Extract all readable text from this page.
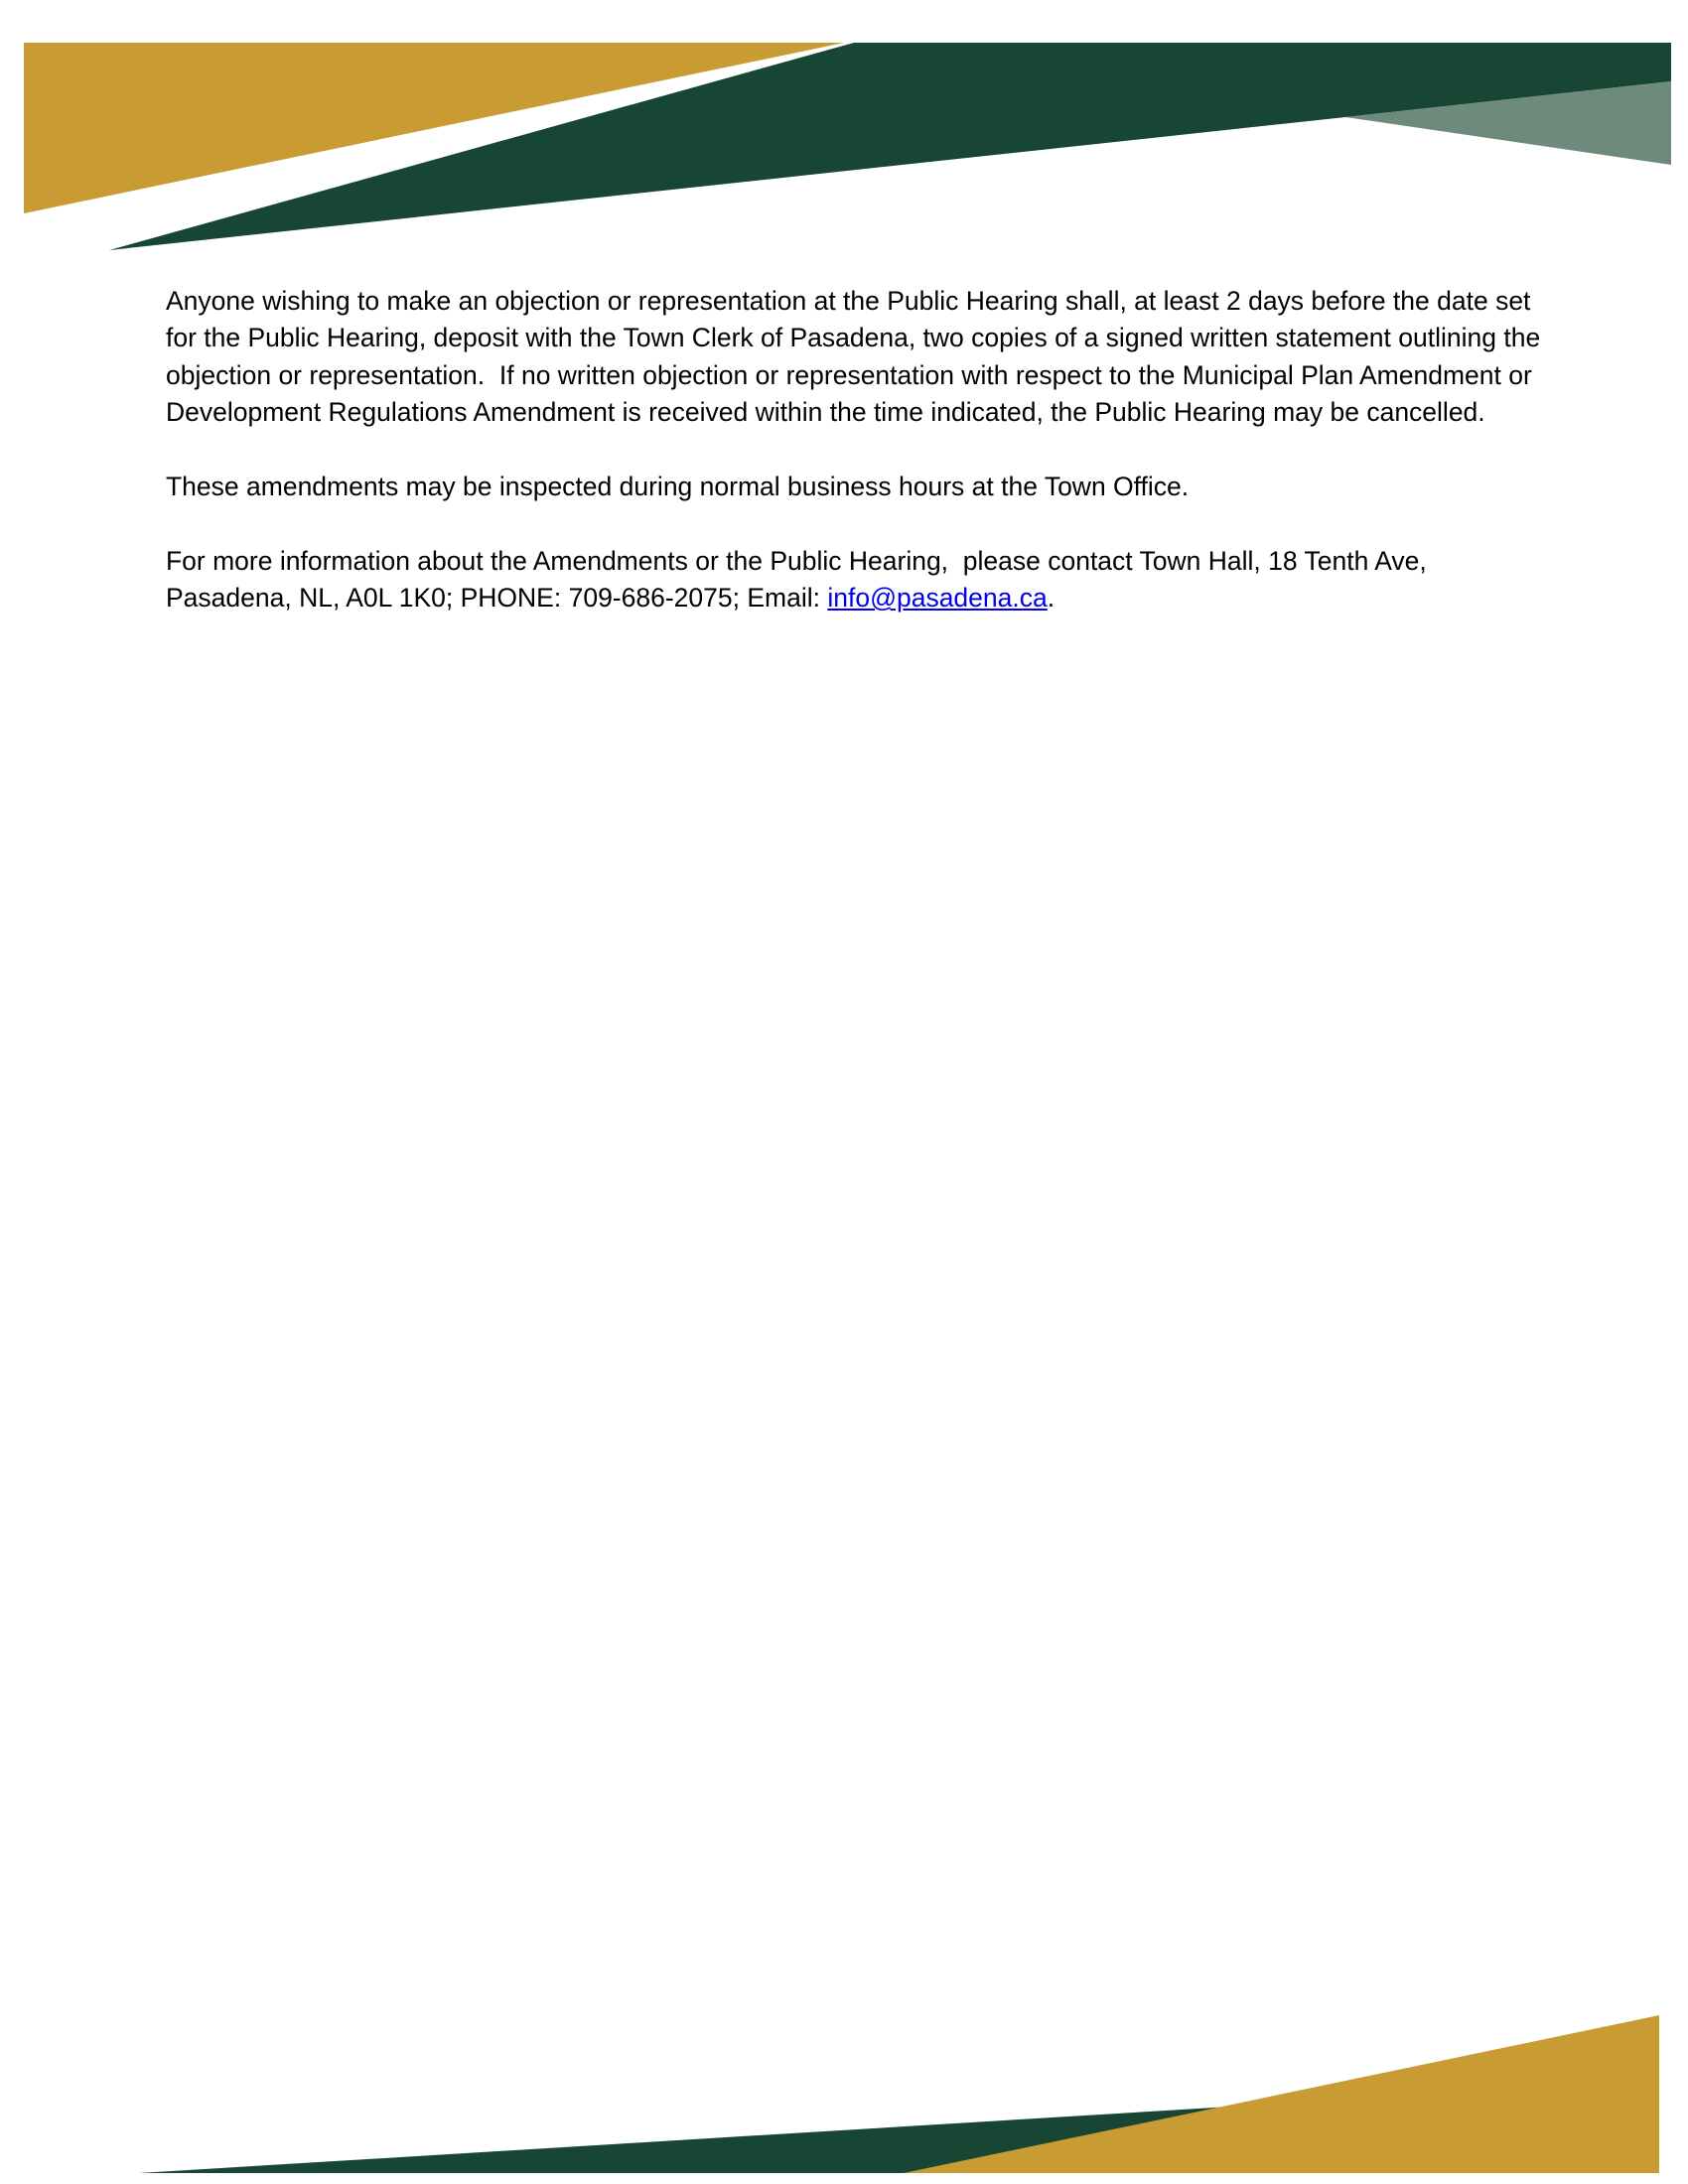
Anyone wishing to make an objection or representation at the Public Hearing shall, at least 2 days before the date set for the Public Hearing, deposit with the Town Clerk of Pasadena, two copies of a signed written statement outlining the objection or representation.  If no written objection or representation with respect to the Municipal Plan Amendment or Development Regulations Amendment is received within the time indicated, the Public Hearing may be cancelled.

These amendments may be inspected during normal business hours at the Town Office.

For more information about the Amendments or the Public Hearing,  please contact Town Hall, 18 Tenth Ave, Pasadena, NL, A0L 1K0; PHONE: 709-686-2075; Email: info@pasadena.ca.
